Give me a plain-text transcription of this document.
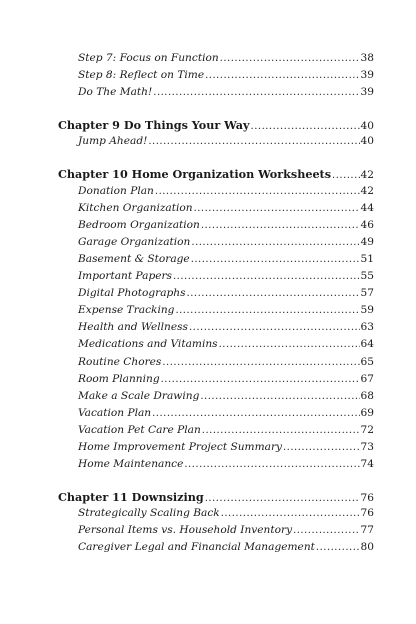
Step 7: Focus on Function .....	38
Step 8: Reflect on Time .....	39
Do The Math! .....	39
Chapter 9 Do Things Your Way .....	40
Jump Ahead! .....	40
Chapter 10 Home Organization Worksheets .....	42
Donation Plan .....	42
Kitchen Organization .....	44
Bedroom Organization .....	46
Garage Organization .....	49
Basement & Storage .....	51
Important Papers .....	55
Digital Photographs .....	57
Expense Tracking .....	59
Health and Wellness .....	63
Medications and Vitamins .....	64
Routine Chores .....	65
Room Planning .....	67
Make a Scale Drawing .....	68
Vacation Plan .....	69
Vacation Pet Care Plan .....	72
Home Improvement Project Summary .....	73
Home Maintenance .....	74
Chapter 11 Downsizing .....	76
Strategically Scaling Back .....	76
Personal Items vs. Household Inventory .....	77
Caregiver Legal and Financial Management .....	80
